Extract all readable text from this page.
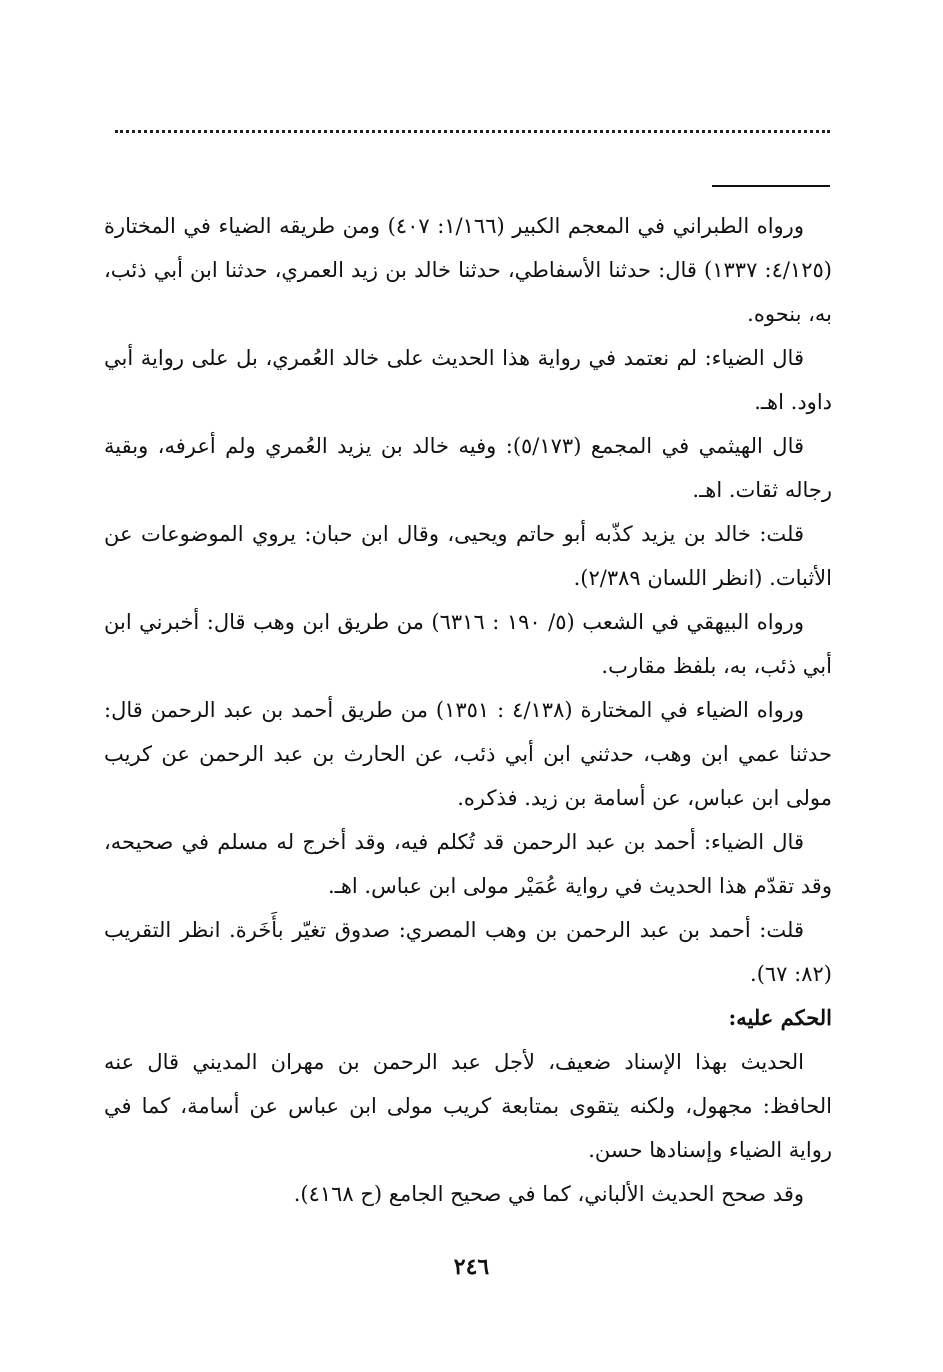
ورواه الطبراني في المعجم الكبير (١/١٦٦: ٤٠٧) ومن طريقه الضياء في المختارة (٤/١٢٥: ١٣٣٧) قال: حدثنا الأسفاطي، حدثنا خالد بن زيد العمري، حدثنا ابن أبي ذئب، به، بنحوه.

قال الضياء: لم نعتمد في رواية هذا الحديث على خالد العُمري، بل على رواية أبي داود. اهـ.

قال الهيثمي في المجمع (٥/١٧٣): وفيه خالد بن يزيد العُمري ولم أعرفه، وبقية رجاله ثقات. اهـ.

قلت: خالد بن يزيد كذّبه أبو حاتم ويحيى، وقال ابن حبان: يروي الموضوعات عن الأثبات. (انظر اللسان ٢/٣٨٩).

ورواه البيهقي في الشعب (٥/ ١٩٠ : ٦٣١٦) من طريق ابن وهب قال: أخبرني ابن أبي ذئب، به، بلفظ مقارب.

ورواه الضياء في المختارة (٤/١٣٨ : ١٣٥١) من طريق أحمد بن عبد الرحمن قال: حدثنا عمي ابن وهب، حدثني ابن أبي ذئب، عن الحارث بن عبد الرحمن عن كريب مولى ابن عباس، عن أسامة بن زيد. فذكره.

قال الضياء: أحمد بن عبد الرحمن قد تُكلم فيه، وقد أخرج له مسلم في صحيحه، وقد تقدّم هذا الحديث في رواية عُمَيْر مولى ابن عباس. اهـ.

قلت: أحمد بن عبد الرحمن بن وهب المصري: صدوق تغيّر بأَخَرة. انظر التقريب (٨٢: ٦٧).

الحكم عليه:

الحديث بهذا الإسناد ضعيف، لأجل عبد الرحمن بن مهران المديني قال عنه الحافظ: مجهول، ولكنه يتقوى بمتابعة كريب مولى ابن عباس عن أسامة، كما في رواية الضياء وإسنادها حسن.

وقد صحح الحديث الألباني، كما في صحيح الجامع (ح ٤١٦٨).

٢٤٦
